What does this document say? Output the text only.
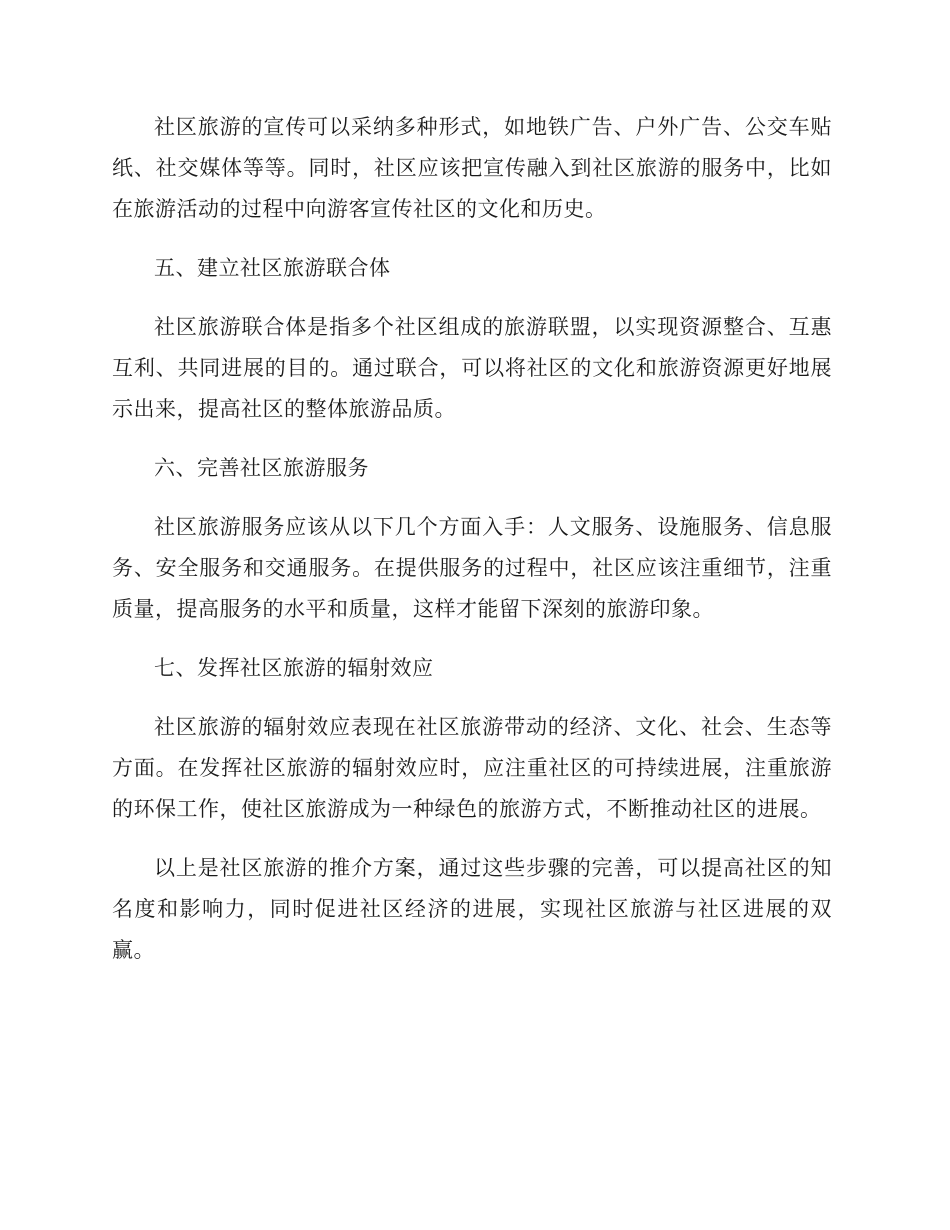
社区旅游的宣传可以采纳多种形式，如地铁广告、户外广告、公交车贴纸、社交媒体等等。同时，社区应该把宣传融入到社区旅游的服务中，比如在旅游活动的过程中向游客宣传社区的文化和历史。

五、建立社区旅游联合体

社区旅游联合体是指多个社区组成的旅游联盟，以实现资源整合、互惠互利、共同进展的目的。通过联合，可以将社区的文化和旅游资源更好地展示出来，提高社区的整体旅游品质。

六、完善社区旅游服务

社区旅游服务应该从以下几个方面入手：人文服务、设施服务、信息服务、安全服务和交通服务。在提供服务的过程中，社区应该注重细节，注重质量，提高服务的水平和质量，这样才能留下深刻的旅游印象。

七、发挥社区旅游的辐射效应

社区旅游的辐射效应表现在社区旅游带动的经济、文化、社会、生态等方面。在发挥社区旅游的辐射效应时，应注重社区的可持续进展，注重旅游的环保工作，使社区旅游成为一种绿色的旅游方式，不断推动社区的进展。

以上是社区旅游的推介方案，通过这些步骤的完善，可以提高社区的知名度和影响力，同时促进社区经济的进展，实现社区旅游与社区进展的双赢。
